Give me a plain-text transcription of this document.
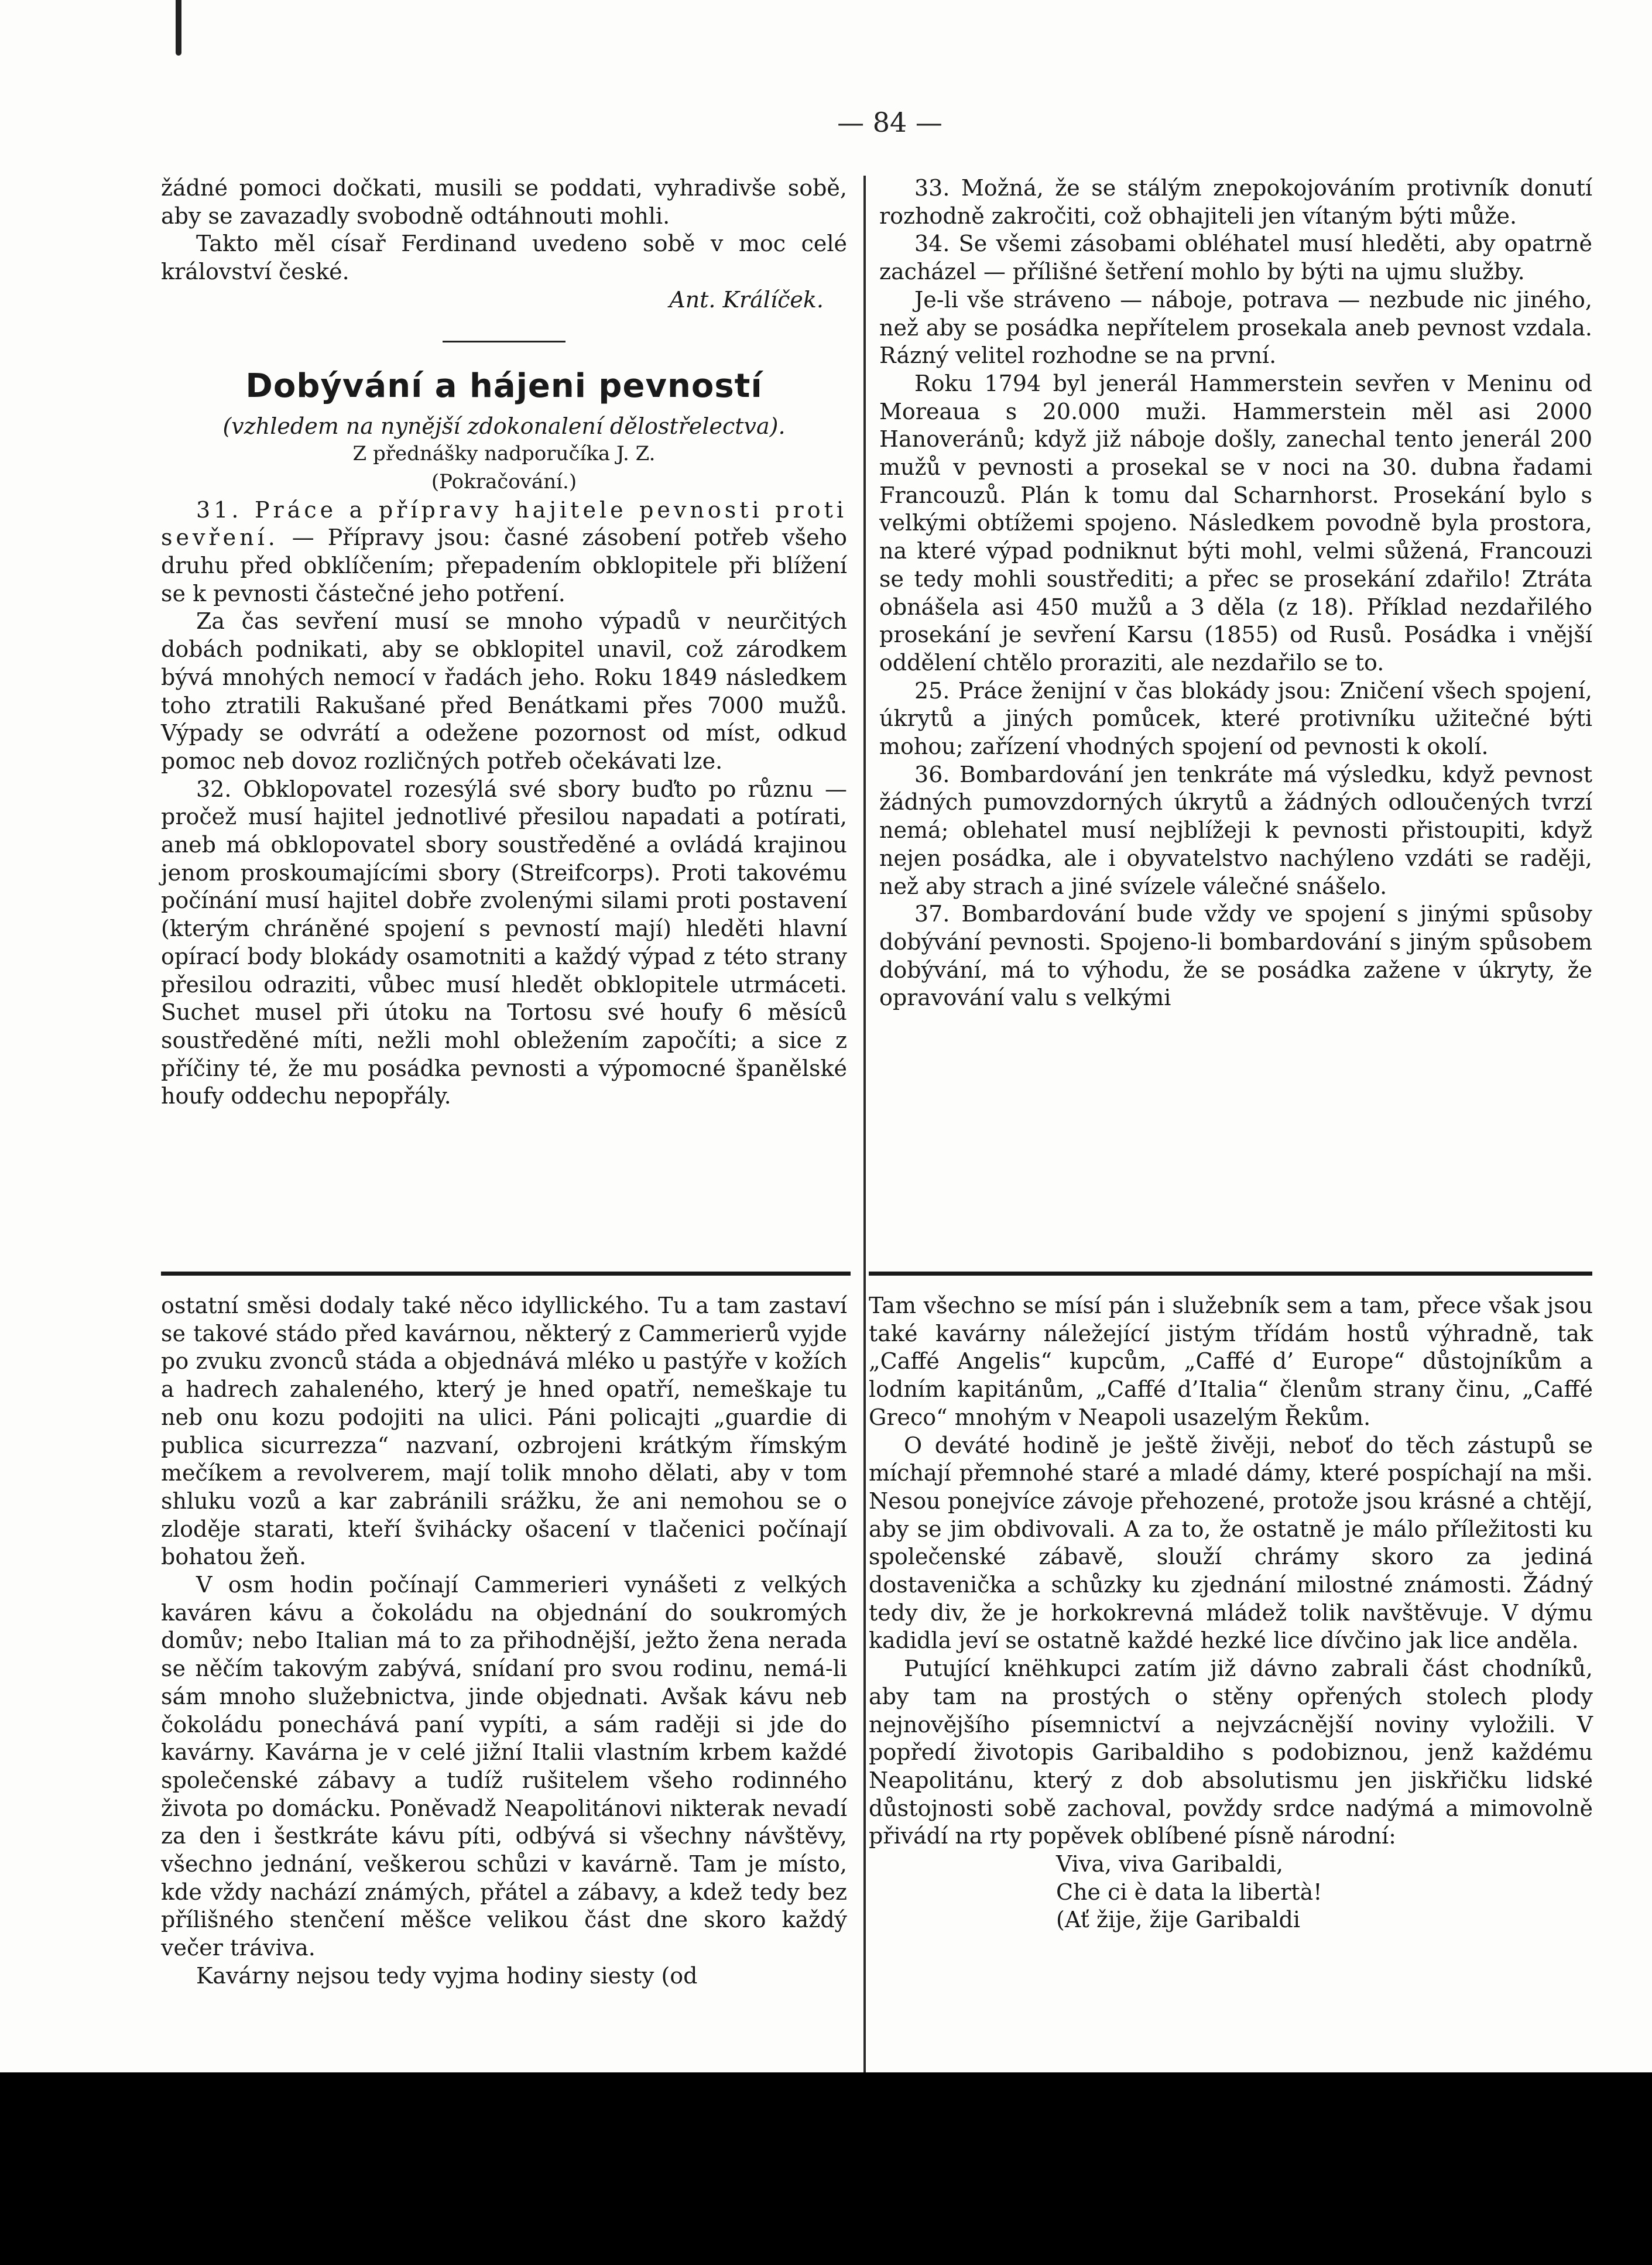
— 84 —

žádné pomoci dočkati, musili se poddati, vyhradivše sobě, aby se zavazadly svobodně odtáhnouti mohli.

Takto měl císař Ferdinand uvedeno sobě v moc celé království české.
Ant. Králíček.

Dobývání a hájeni pevností

(vzhledem na nynější zdokonalení dělostřelectva).

Z přednášky nadporučíka J. Z.

(Pokračování.)

31. Práce a přípravy hajitele pevnosti proti sevření. — Přípravy jsou: časné zásobení potřeb všeho druhu před obklíčením; přepadením obklopitele při blížení se k pevnosti částečné jeho potření.

Za čas sevření musí se mnoho výpadů v neurčitých dobách podnikati, aby se obklopitel unavil, což zárodkem bývá mnohých nemocí v řadách jeho. Roku 1849 následkem toho ztratili Rakušané před Benátkami přes 7000 mužů. Výpady se odvrátí a odežene pozornost od míst, odkud pomoc neb dovoz rozličných potřeb očekávati lze.

32. Obklopovatel rozesýlá své sbory buďto po různu — pročež musí hajitel jednotlivé přesilou napadati a potírati, aneb má obklopovatel sbory soustředěné a ovládá krajinou jenom proskoumajícími sbory (Streifcorps). Proti takovému počínání musí hajitel dobře zvolenými silami proti postavení (kterým chráněné spojení s pevností mají) hleděti hlavní opírací body blokády osamotniti a každý výpad z této strany přesilou odraziti, vůbec musí hledět obklopitele utrmáceti. Suchet musel při útoku na Tortosu své houfy 6 měsíců soustředěné míti, nežli mohl obležením započíti; a sice z příčiny té, že mu posádka pevnosti a výpomocné španělské houfy oddechu nepopřály.

33. Možná, že se stálým znepokojováním protivník donutí rozhodně zakročiti, což obhajiteli jen vítaným býti může.

34. Se všemi zásobami obléhatel musí hleděti, aby opatrně zacházel — přílišné šetření mohlo by býti na ujmu služby.

Je-li vše stráveno — náboje, potrava — nezbude nic jiného, než aby se posádka nepřítelem prosekala aneb pevnost vzdala. Rázný velitel rozhodne se na první.

Roku 1794 byl jenerál Hammerstein sevřen v Meninu od Moreaua s 20.000 muži. Hammerstein měl asi 2000 Hanoveránů; když již náboje došly, zanechal tento jenerál 200 mužů v pevnosti a prosekal se v noci na 30. dubna řadami Francouzů. Plán k tomu dal Scharnhorst. Prosekání bylo s velkými obtížemi spojeno. Následkem povodně byla prostora, na které výpad podniknut býti mohl, velmi sůžená, Francouzi se tedy mohli soustřediti; a přec se prosekání zdařilo! Ztráta obnášela asi 450 mužů a 3 děla (z 18). Příklad nezdařilého prosekání je sevření Karsu (1855) od Rusů. Posádka i vnější oddělení chtělo proraziti, ale nezdařilo se to.

25. Práce ženijní v čas blokády jsou: Zničení všech spojení, úkrytů a jiných pomůcek, které protivníku užitečné býti mohou; zařízení vhodných spojení od pevnosti k okolí.

36. Bombardování jen tenkráte má výsledku, když pevnost žádných pumovzdorných úkrytů a žádných odloučených tvrzí nemá; oblehatel musí nejblížeji k pevnosti přistoupiti, když nejen posádka, ale i obyvatelstvo nachýleno vzdáti se raději, než aby strach a jiné svízele válečné snášelo.

37. Bombardování bude vždy ve spojení s jinými spůsoby dobývání pevnosti. Spojeno-li bombardování s jiným spůsobem dobývání, má to výhodu, že se posádka zažene v úkryty, že opravování valu s velkými

ostatní směsi dodaly také něco idyllického. Tu a tam zastaví se takové stádo před kavárnou, některý z Cammerierů vyjde po zvuku zvonců stáda a objednává mléko u pastýře v kožích a hadrech zahaleného, který je hned opatří, nemeškaje tu neb onu kozu podojiti na ulici. Páni policajti „guardie di publica sicurrezza“ nazvaní, ozbrojeni krátkým římským mečíkem a revolverem, mají tolik mnoho dělati, aby v tom shluku vozů a kar zabránili srážku, že ani nemohou se o zloděje starati, kteří švihácky ošacení v tlačenici počínají bohatou žeň.

V osm hodin počínají Cammerieri vynášeti z velkých kaváren kávu a čokoládu na objednání do soukromých domův; nebo Italian má to za přihodnější, ježto žena nerada se něčím takovým zabývá, snídaní pro svou rodinu, nemá-li sám mnoho služebnictva, jinde objednati. Avšak kávu neb čokoládu ponechává paní vypíti, a sám raději si jde do kavárny. Kavárna je v celé jižní Italii vlastním krbem každé společenské zábavy a tudíž rušitelem všeho rodinného života po domácku. Poněvadž Neapolitánovi nikterak nevadí za den i šestkráte kávu píti, odbývá si všechny návštěvy, všechno jednání, veškerou schůzi v kavárně. Tam je místo, kde vždy nachází známých, přátel a zábavy, a kdež tedy bez přílišného stenčení měšce velikou část dne skoro každý večer tráviva.

Kavárny nejsou tedy vyjma hodiny siesty (od

Tam všechno se mísí pán i služebník sem a tam, přece však jsou také kavárny náležející jistým třídám hostů výhradně, tak „Caffé Angelis“ kupcům, „Caffé d’ Europe“ důstojníkům a lodním kapitánům, „Caffé d’Italia“ členům strany činu, „Caffé Greco“ mnohým v Neapoli usazelým Řekům.

O deváté hodině je ještě živěji, neboť do těch zástupů se míchají přemnohé staré a mladé dámy, které pospíchají na mši. Nesou ponejvíce závoje přehozené, protože jsou krásné a chtějí, aby se jim obdivovali. A za to, že ostatně je málo příležitosti ku společenské zábavě, slouží chrámy skoro za jediná dostavenička a schůzky ku zjednání milostné známosti. Žádný tedy div, že je horkokrevná mládež tolik navštěvuje. V dýmu kadidla jeví se ostatně každé hezké lice dívčino jak lice anděla.

Putující knëhkupci zatím již dávno zabrali část chodníků, aby tam na prostých o stěny opřených stolech plody nejnovějšího písemnictví a nejvzácnější noviny vyložili. V popředí životopis Garibaldiho s podobiznou, jenž každému Neapolitánu, který z dob absolutismu jen jiskřičku lidské důstojnosti sobě zachoval, povždy srdce nadýmá a mimovolně přivádí na rty popěvek oblíbené písně národní:

Viva, viva Garibaldi,

Che ci è data la libertà!

(Ať žije, žije Garibaldi
